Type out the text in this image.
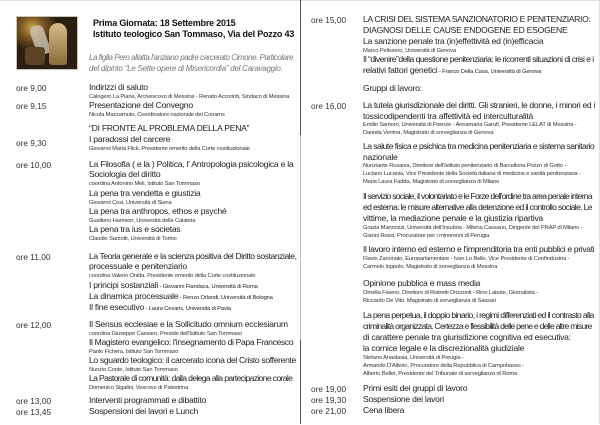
Prima Giornata: 18 Settembre 2015
Istituto teologico San Tommaso, Via del Pozzo 43
La figlia Pero allatta l'anziano padre carcerato Cimone. Particolare
del dipinto “Le Sette opere di Misericordia” del Caravaggio.
ore 9,00	Indirizzi di saluto
Calogero La Piana, Arcivescovo di Messina - Renato Accorinti, Sindaco di Messina
ore 9,15	Presentazione del Convegno
Nicola Mazzamuto, Coordinatore nazionale del Conams
“DI FRONTE AL PROBLEMA DELLA PENA”
ore 9,30	I paradossi del carcere
Giovanni Maria Flick, Presidente emerito della Corte costituzionale
ore 10,00	La Filosofia ( e la ) Politica, l' Antropologia psicologica e la
Sociologia del diritto
coordina Antonino Meli, Istituto San Tommaso
La pena tra vendetta e giustizia
Giovanni Cosi, Università di Siena
La pena tra anthropos, ethos e psyché
Gualtiero Harrison, Università della Calabria
La pena tra ius e societas
Claudio Sarzotti, Università di Torino
ore 11,00	La Teoria generale e la scienza positiva del Diritto sostanziale,
processuale e penitenziario
coordina Valerio Onida, Presidente emerito della Corte costituzionale
I principi sostanziali - Giovanni Fiandaca, Università di Roma
La dinamica processuale - Renzo Orlandi, Università di Bologna
Il fine esecutivo - Laura Cesaris, Università di Pavia
ore 12,00	Il Sensus ecclesiae e la Sollicitudo omnium ecclesiarum
coordina Giuseppe Cassaro, Preside dell'Istituto San Tommaso
Il Magistero evangelico: l'insegnamento di Papa Francesco
Paolo Fichera, Istituto San Tommaso
Lo sguardo teologico: il carcerato icona del Cristo sofferente
Nunzio Conte, Istituto San Tommaso
La Pastorale di comunità: dalla delega alla partecipazione corale
Domenico Sigalini, Vescovo di Palestrina
ore 13,00	Interventi programmati e dibattito
ore 13,45	Sospensioni dei lavori e Lunch
ore 15,00 LA CRISI DEL SISTEMA SANZIONATORIO E PENITENZIARIO:
DIAGNOSI DELLE CAUSE ENDOGENE ED ESOGENE
La sanzione penale tra (in)effettività ed (in)efficacia
Marco Pelissero, Università di Genova
Il “divenire”della questione penitenziaria: le ricorrenti situazioni di crisi e i
relativi fattori genetici - Franco Della Casa, Università di Genova
Gruppi di lavoro:
ore 16,00 La tutela giurisdizionale dei diritti. Gli stranieri, le donne, i minori ed i
tossicodipendenti tra affettività ed interculturalità
Emilio Santoro, Università di Firenze - Annamaria Garufi, Presidente LELAT di Messina -
Daniela Verrina, Magistrato di sorveglianza di Genova
La salute fisica e psichica tra medicina penitenziaria e sistema sanitario
nazionale
Nunziante Rosania, Direttore dell'Istituto penitenziario di Barcellona Pozzo di Gotto -
Luciano Lucania, Vice Presidente della Società italiana di medicina e sanità penitenziaria -
Maria Laura Fadda, Magistrato di sorveglianza di Milano
Il servizio sociale, il volontariato e le Forze dell'ordine tra area penale interna
ed esterna: le misure alternative alla detenzione ed il controllo sociale. Le
vittime, la mediazione penale e la giustizia ripartiva
Grazia Mannozzi, Università dell'Insubria - Milena Cassano, Dirigente del PRAP di Milano -
Gianni Rossi, Procuratore per i minorenni di Perugia
Il lavoro interno ed esterno e l'imprenditoria tra enti pubblici e privati
Flavio Zanonato, Europarlamentare - Ivan Lo Bello, Vice Presidente di Confindustria -
Carmelo Ioppolo, Magistrato di sorveglianza di Messina
Opinione pubblica e mass media
Ornella Favero, Direttore di Ristretti Orizzonti - Rino Labate, Giornalista -
Riccardo De Vito, Magistrato di sorveglianza di Sassari
La pena perpetua, il doppio binario, i regimi differenziati ed il contrasto alla
criminalità organizzata. Certezza e flessibilità delle pene e delle altre misure
di carattere penale tra giurisdizione cognitiva ed esecutiva:
la cornice legale e la discrezionalità giudiziale
Stefano Anastasia, Università di Perugia -
Armando D'Alterio, Procuratore della Repubblica di Campobasso -
Alberto Bellet, Presidente del Tribunale di sorveglianza di Roma
ore 19,00 Primi esiti dei gruppi di lavoro
ore 19,30 Sospensione dei lavori
ore 21,00 Cena libera
